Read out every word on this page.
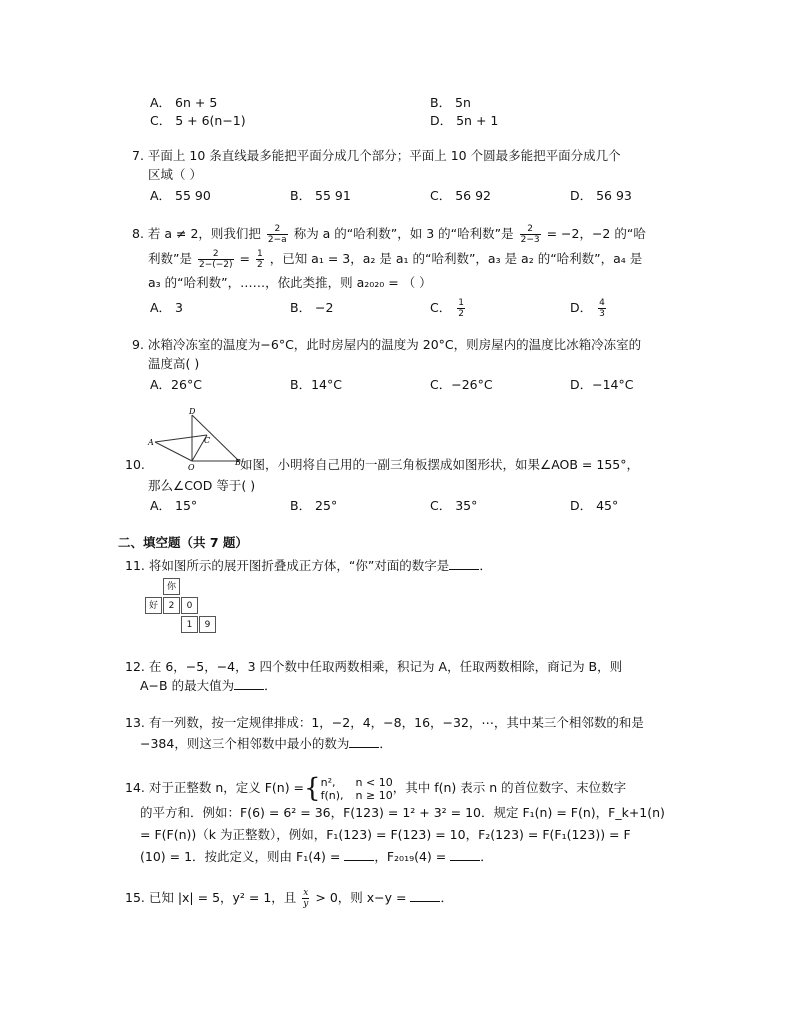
A． 6n + 5	B． 5n
C． 5 + 6(n−1)	D． 5n + 1
7. 平面上 10 条直线最多能把平面分成几个部分；平面上 10 个圆最多能把平面分成几个
区域（ ）
A． 55 90	B． 55 91	C． 56 92	D． 56 93
8. 若 a ≠ 2，则我们把 $\frac{2}{2-a}$ 称为 a 的“哈利数”，如 3 的“哈利数”是 $\frac{2}{2-3} = -2$，−2 的“哈
利数”是 $\frac{2}{2-(-2)} = \frac{1}{2}$ ，已知 a₁ = 3，a₂ 是 a₁ 的“哈利数”，a₃ 是 a₂ 的“哈利数”，a₄ 是
a₃ 的“哈利数”，……，依此类推，则 a₂₀₂₀ = （ ）
A． 3	B． −2	C． $\frac{1}{2}$	D． $\frac{4}{3}$
9. 冰箱冷冻室的温度为−6°C，此时房屋内的温度为 20°C，则房屋内的温度比冰箱冷冻室的
温度高( )
A．26°C	B．14°C	C．−26°C	D．−14°C
D
A	C
O
B
10.	如图，小明将自己用的一副三角板摆成如图形状，如果∠AOB = 155°，
那么∠COD 等于( )
A． 15°	B． 25°	C． 35°	D． 45°
二、填空题（共 7 题）
11. 将如图所示的展开图折叠成正方体，“你”对面的数字是 ．
你
好	2	0
1	9
12. 在 6，−5，−4，3 四个数中任取两数相乘，积记为 A，任取两数相除，商记为 B，则
A−B 的最大值为 ．
13. 有一列数，按一定规律排成：1，−2，4，−8，16，−32，⋯，其中某三个相邻数的和是
−384，则这三个相邻数中最小的数为 ．
14. 对于正整数 n，定义 F(n) ={ n²,
f(n),
n < 10
n ≥ 10 ，其中 f(n) 表示 n 的首位数字、末位数字
的平方和．例如：F(6) = 6² = 36，F(123) = 1² + 3² = 10．规定 F₁(n) = F(n)，F_k+1(n)
= F(F(n))（k 为正整数），例如，F₁(123) = F(123) = 10，F₂(123) = F(F₁(123)) = F
(10) = 1．按此定义，则由 F₁(4) =	，F₂₀₁₉(4) =	．
15. 已知 |x| = 5，y² = 1，且 $\frac{x}{y} > 0$，则 x−y =	．
